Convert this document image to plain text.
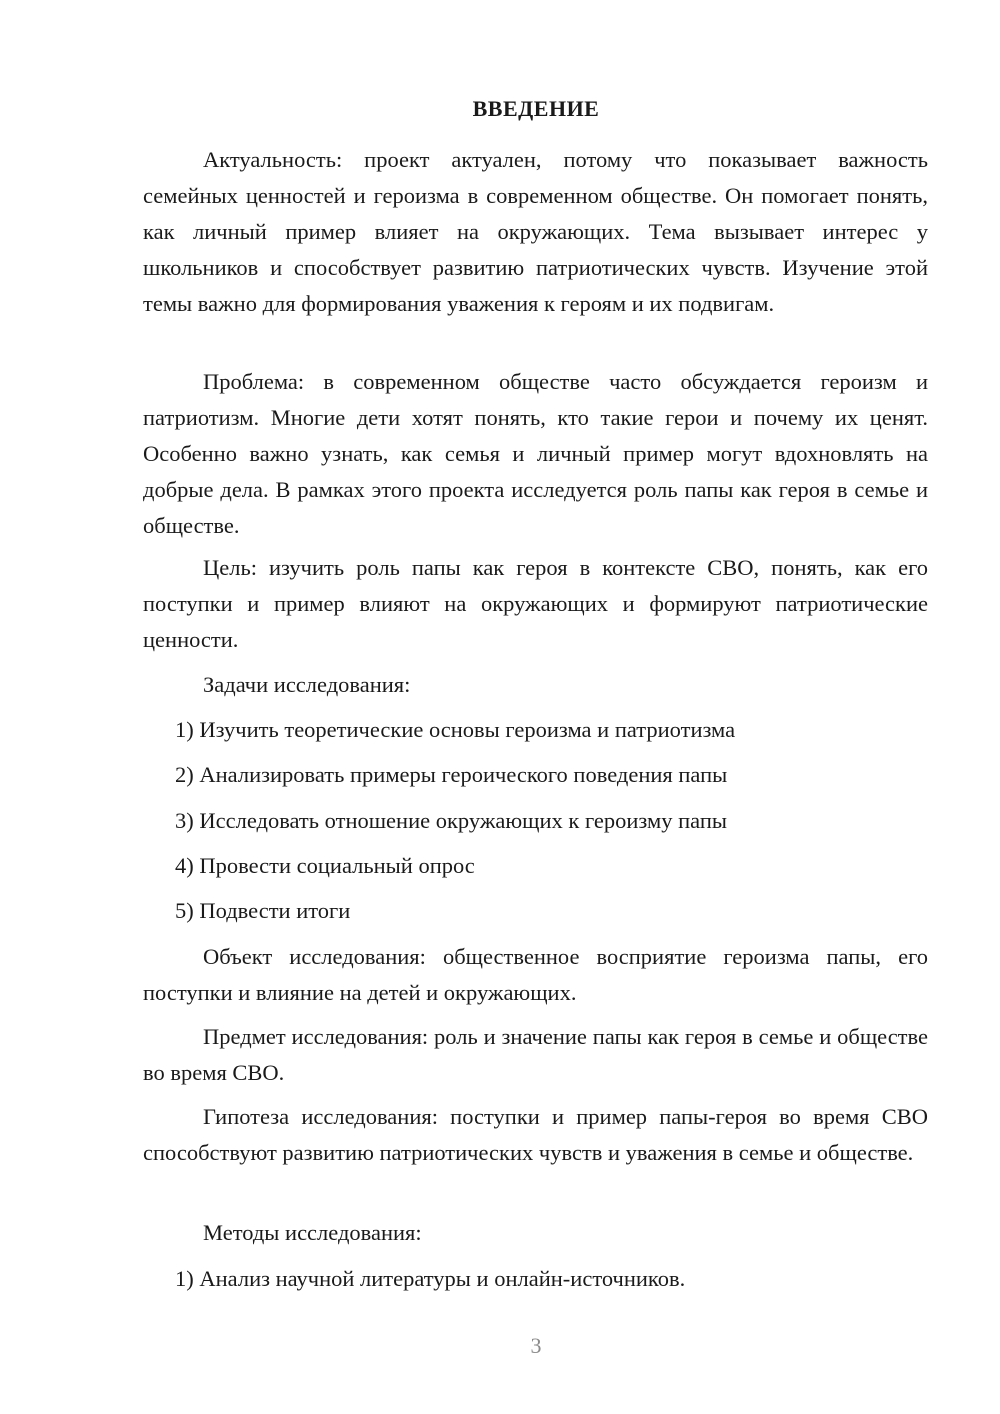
ВВЕДЕНИЕ

Актуальность: проект актуален, потому что показывает важность семейных ценностей и героизма в современном обществе. Он помогает понять, как личный пример влияет на окружающих. Тема вызывает интерес у школьников и способствует развитию патриотических чувств. Изучение этой темы важно для формирования уважения к героям и их подвигам.

Проблема: в современном обществе часто обсуждается героизм и патриотизм. Многие дети хотят понять, кто такие герои и почему их ценят. Особенно важно узнать, как семья и личный пример могут вдохновлять на добрые дела. В рамках этого проекта исследуется роль папы как героя в семье и обществе.

Цель: изучить роль папы как героя в контексте СВО, понять, как его поступки и пример влияют на окружающих и формируют патриотические ценности.

Задачи исследования:

1) Изучить теоретические основы героизма и патриотизма
2) Анализировать примеры героического поведения папы
3) Исследовать отношение окружающих к героизму папы
4) Провести социальный опрос
5) Подвести итоги

Объект исследования: общественное восприятие героизма папы, его поступки и влияние на детей и окружающих.

Предмет исследования: роль и значение папы как героя в семье и обществе во время СВО.

Гипотеза исследования: поступки и пример папы-героя во время СВО способствуют развитию патриотических чувств и уважения в семье и обществе.

Методы исследования:

1) Анализ научной литературы и онлайн-источников.
3
